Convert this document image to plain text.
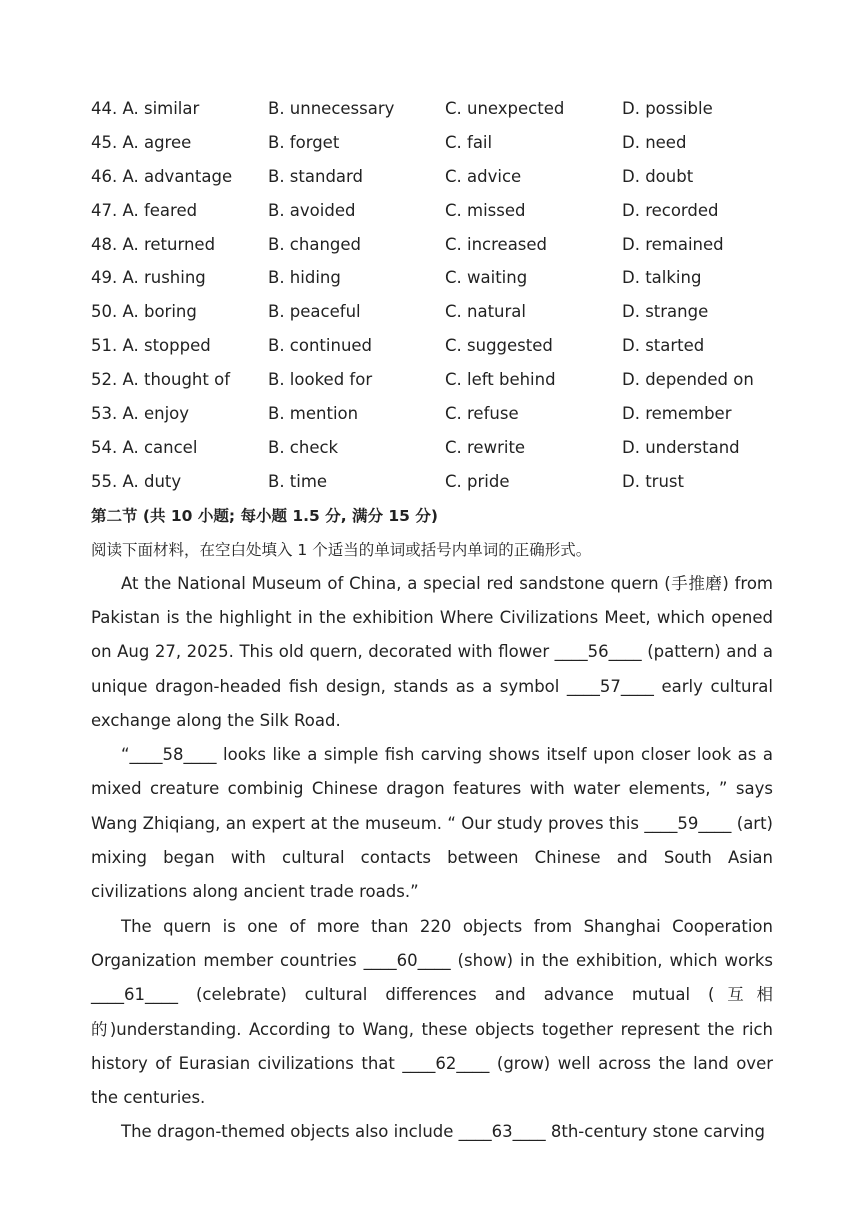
44. A. similar	B. unnecessary	C. unexpected	D. possible
45. A. agree	B. forget	C. fail	D. need
46. A. advantage	B. standard	C. advice	D. doubt
47. A. feared	B. avoided	C. missed	D. recorded
48. A. returned	B. changed	C. increased	D. remained
49. A. rushing	B. hiding	C. waiting	D. talking
50. A. boring	B. peaceful	C. natural	D. strange
51. A. stopped	B. continued	C. suggested	D. started
52. A. thought of	B. looked for	C. left behind	D. depended on
53. A. enjoy	B. mention	C. refuse	D. remember
54. A. cancel	B. check	C. rewrite	D. understand
55. A. duty	B. time	C. pride	D. trust
第二节 (共 10 小题; 每小题 1.5 分, 满分 15 分)
阅读下面材料，在空白处填入 1 个适当的单词或括号内单词的正确形式。

At the National Museum of China, a special red sandstone quern (手推磨) from Pakistan is the highlight in the exhibition Where Civilizations Meet, which opened on Aug 27, 2025. This old quern, decorated with flower ____56____ (pattern) and a unique dragon-headed fish design, stands as a symbol ____57____ early cultural exchange along the Silk Road.

“____58____ looks like a simple fish carving shows itself upon closer look as a mixed creature combinig Chinese dragon features with water elements, ” says Wang Zhiqiang, an expert at the museum. “ Our study proves this ____59____ (art) mixing began with cultural contacts between Chinese and South Asian civilizations along ancient trade roads.”

The quern is one of more than 220 objects from Shanghai Cooperation Organization member countries ____60____ (show) in the exhibition, which works ____61____ (celebrate) cultural differences and advance mutual (互相的)understanding. According to Wang, these objects together represent the rich history of Eurasian civilizations that ____62____ (grow) well across the land over the centuries.

The dragon-themed objects also include ____63____ 8th-century stone carving
